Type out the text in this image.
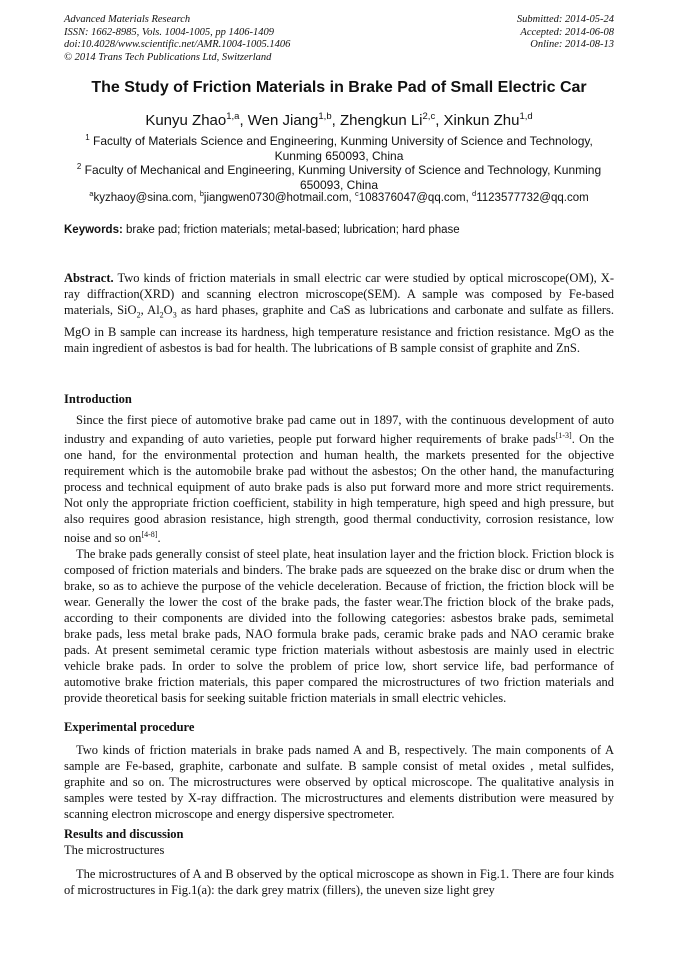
Advanced Materials Research
ISSN: 1662-8985, Vols. 1004-1005, pp 1406-1409
doi:10.4028/www.scientific.net/AMR.1004-1005.1406
© 2014 Trans Tech Publications Ltd, Switzerland
Submitted: 2014-05-24
Accepted: 2014-06-08
Online: 2014-08-13
The Study of Friction Materials in Brake Pad of Small Electric Car
Kunyu Zhao$^{1,a}$, Wen Jiang$^{1,b}$, Zhengkun Li$^{2,c}$, Xinkun Zhu$^{1,d}$
$^1$ Faculty of Materials Science and Engineering, Kunming University of Science and Technology,
Kunming 650093, China
$^2$ Faculty of Mechanical and Engineering, Kunming University of Science and Technology, Kunming
650093, China
$^a$kyzhaoy@sina.com, $^b$jiangwen0730@hotmail.com, $^c$108376047@qq.com, $^d$1123577732@qq.com
Keywords: brake pad; friction materials; metal-based; lubrication; hard phase

Abstract. Two kinds of friction materials in small electric car were studied by optical microscope(OM), X-ray diffraction(XRD) and scanning electron microscope(SEM). A sample was composed by Fe-based materials, SiO$_2$, $Al_2O_3$ as hard phases, graphite and CaS as lubrications and carbonate and sulfate as fillers. MgO in B sample can increase its hardness, high temperature resistance and friction resistance. MgO as the main ingredient of asbestos is bad for health. The lubrications of B sample consist of graphite and ZnS.

Introduction

Since the first piece of automotive brake pad came out in 1897, with the continuous development of auto industry and expanding of auto varieties, people put forward higher requirements of brake pads[1-3]. On the one hand, for the environmental protection and human health, the markets presented for the objective requirement which is the automobile brake pad without the asbestos; On the other hand, the manufacturing process and technical equipment of auto brake pads is also put forward more and more strict requirements. Not only the appropriate friction coefficient, stability in high temperature, high speed and high pressure, but also requires good abrasion resistance, high strength, good thermal conductivity, corrosion resistance, low noise and so on[4-8].

The brake pads generally consist of steel plate, heat insulation layer and the friction block. Friction block is composed of friction materials and binders. The brake pads are squeezed on the brake disc or drum when the brake, so as to achieve the purpose of the vehicle deceleration. Because of friction, the friction block will be wear. Generally the lower the cost of the brake pads, the faster wear.The friction block of the brake pads, according to their components are divided into the following categories: asbestos brake pads, semimetal brake pads, less metal brake pads, NAO formula brake pads, ceramic brake pads and NAO ceramic brake pads. At present semimetal ceramic type friction materials without asbestosis are mainly used in electric vehicle brake pads. In order to solve the problem of price low, short service life, bad performance of automotive brake friction materials, this paper compared the microstructures of two friction materials and provide theoretical basis for seeking suitable friction materials in small electric vehicles.

Experimental procedure

Two kinds of friction materials in brake pads named A and B, respectively. The main components of A sample are Fe-based, graphite, carbonate and sulfate. B sample consist of metal oxides , metal sulfides, graphite and so on. The microstructures were observed by optical microscope. The qualitative analysis in samples were tested by X-ray diffraction. The microstructures and elements distribution were measured by scanning electron microscope and energy dispersive spectrometer.

Results and discussion
The microstructures

The microstructures of A and B observed by the optical microscope as shown in Fig.1. There are four kinds of microstructures in Fig.1(a): the dark grey matrix (fillers), the uneven size light grey
